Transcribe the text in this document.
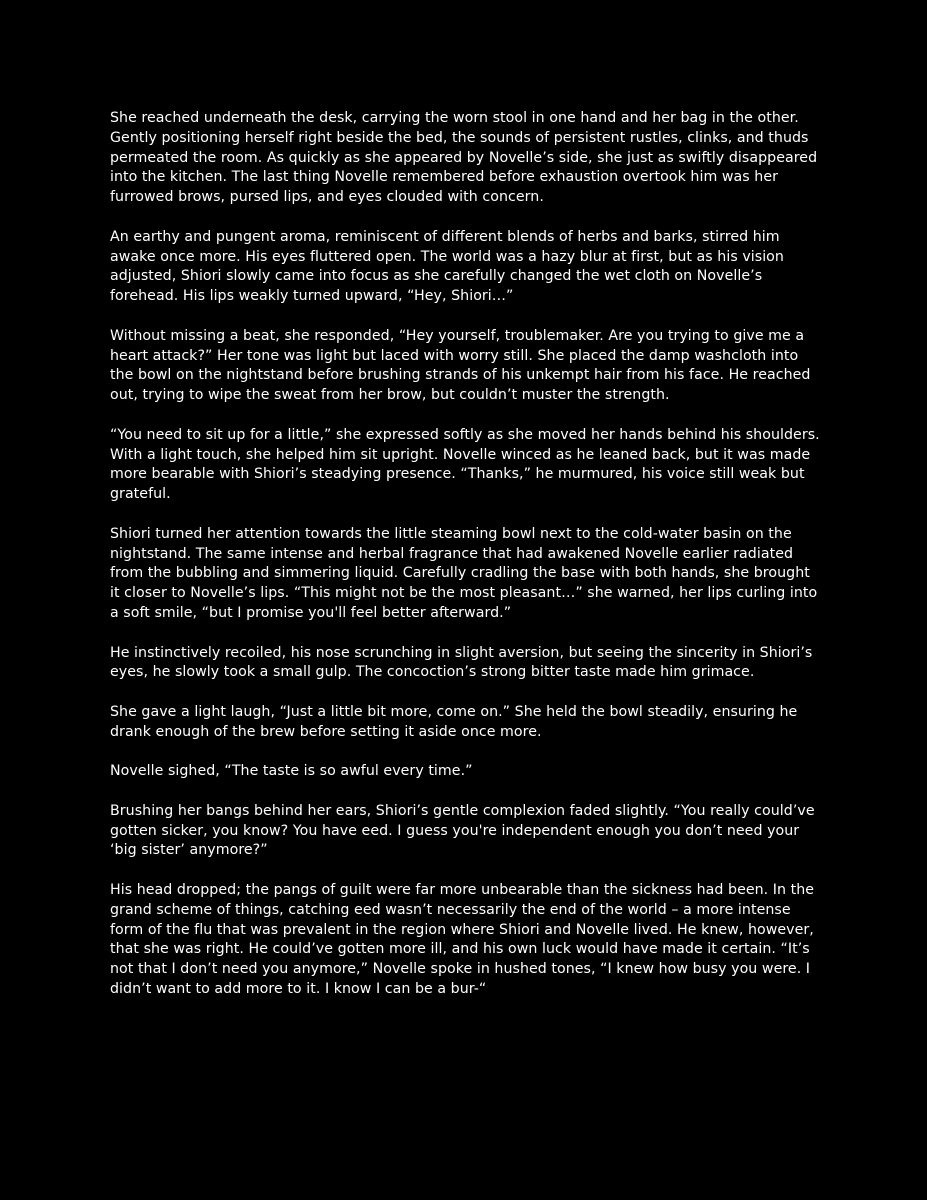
She reached underneath the desk, carrying the worn stool in one hand and her bag in the other. Gently positioning herself right beside the bed, the sounds of persistent rustles, clinks, and thuds permeated the room. As quickly as she appeared by Novelle’s side, she just as swiftly disappeared into the kitchen. The last thing Novelle remembered before exhaustion overtook him was her furrowed brows, pursed lips, and eyes clouded with concern.

An earthy and pungent aroma, reminiscent of different blends of herbs and barks, stirred him awake once more. His eyes fluttered open. The world was a hazy blur at first, but as his vision adjusted, Shiori slowly came into focus as she carefully changed the wet cloth on Novelle’s forehead. His lips weakly turned upward, “Hey, Shiori…”

Without missing a beat, she responded, “Hey yourself, troublemaker. Are you trying to give me a heart attack?” Her tone was light but laced with worry still. She placed the damp washcloth into the bowl on the nightstand before brushing strands of his unkempt hair from his face. He reached out, trying to wipe the sweat from her brow, but couldn’t muster the strength.

“You need to sit up for a little,” she expressed softly as she moved her hands behind his shoulders. With a light touch, she helped him sit upright. Novelle winced as he leaned back, but it was made more bearable with Shiori’s steadying presence. “Thanks,” he murmured, his voice still weak but grateful.

Shiori turned her attention towards the little steaming bowl next to the cold-water basin on the nightstand. The same intense and herbal fragrance that had awakened Novelle earlier radiated from the bubbling and simmering liquid. Carefully cradling the base with both hands, she brought it closer to Novelle’s lips. “This might not be the most pleasant…” she warned, her lips curling into a soft smile, “but I promise you'll feel better afterward.”

He instinctively recoiled, his nose scrunching in slight aversion, but seeing the sincerity in Shiori’s eyes, he slowly took a small gulp. The concoction’s strong bitter taste made him grimace.

She gave a light laugh, “Just a little bit more, come on.” She held the bowl steadily, ensuring he drank enough of the brew before setting it aside once more.

Novelle sighed, “The taste is so awful every time.”

Brushing her bangs behind her ears, Shiori’s gentle complexion faded slightly. “You really could’ve gotten sicker, you know? You have eed. I guess you're independent enough you don’t need your ‘big sister’ anymore?”

His head dropped; the pangs of guilt were far more unbearable than the sickness had been. In the grand scheme of things, catching eed wasn’t necessarily the end of the world – a more intense form of the flu that was prevalent in the region where Shiori and Novelle lived. He knew, however, that she was right. He could’ve gotten more ill, and his own luck would have made it certain. “It’s not that I don’t need you anymore,” Novelle spoke in hushed tones, “I knew how busy you were. I didn’t want to add more to it. I know I can be a bur-“
